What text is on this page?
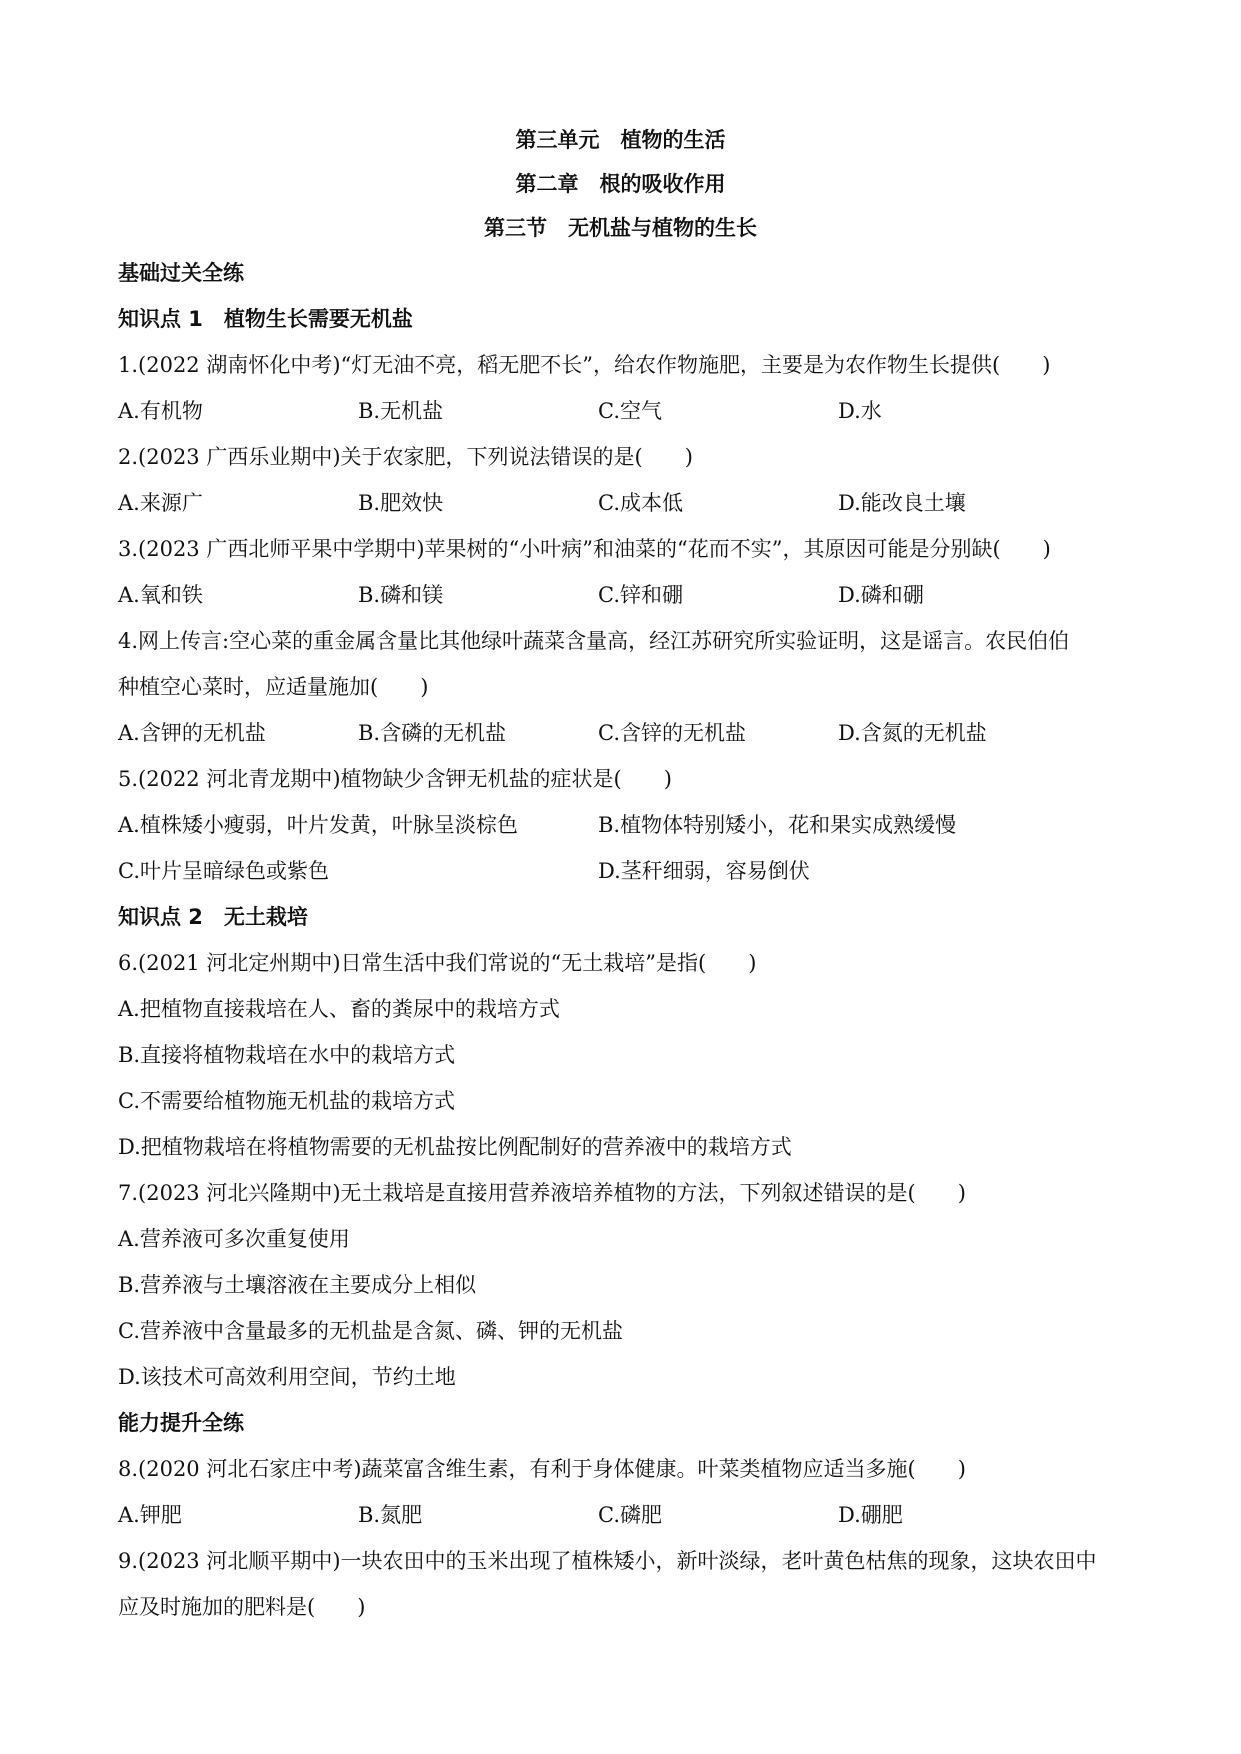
第三单元　植物的生活
第二章　根的吸收作用
第三节　无机盐与植物的生长
基础过关全练
知识点 1　植物生长需要无机盐
1.(2022 湖南怀化中考)“灯无油不亮，稻无肥不长”，给农作物施肥，主要是为农作物生长提供(　　)
A.有机物	B.无机盐	C.空气	D.水
2.(2023 广西乐业期中)关于农家肥，下列说法错误的是(　　)
A.来源广	B.肥效快	C.成本低	D.能改良土壤
3.(2023 广西北师平果中学期中)苹果树的“小叶病”和油菜的“花而不实”，其原因可能是分别缺(　　)
A.氧和铁	B.磷和镁	C.锌和硼	D.磷和硼
4.网上传言:空心菜的重金属含量比其他绿叶蔬菜含量高，经江苏研究所实验证明，这是谣言。农民伯伯
种植空心菜时，应适量施加(　　)
A.含钾的无机盐	B.含磷的无机盐	C.含锌的无机盐	D.含氮的无机盐
5.(2022 河北青龙期中)植物缺少含钾无机盐的症状是(　　)
A.植株矮小瘦弱，叶片发黄，叶脉呈淡棕色	B.植物体特别矮小，花和果实成熟缓慢
C.叶片呈暗绿色或紫色	D.茎秆细弱，容易倒伏
知识点 2　无土栽培
6.(2021 河北定州期中)日常生活中我们常说的“无土栽培”是指(　　)
A.把植物直接栽培在人、畜的粪尿中的栽培方式
B.直接将植物栽培在水中的栽培方式
C.不需要给植物施无机盐的栽培方式
D.把植物栽培在将植物需要的无机盐按比例配制好的营养液中的栽培方式
7.(2023 河北兴隆期中)无土栽培是直接用营养液培养植物的方法，下列叙述错误的是(　　)
A.营养液可多次重复使用
B.营养液与土壤溶液在主要成分上相似
C.营养液中含量最多的无机盐是含氮、磷、钾的无机盐
D.该技术可高效利用空间，节约土地
能力提升全练
8.(2020 河北石家庄中考)蔬菜富含维生素，有利于身体健康。叶菜类植物应适当多施(　　)
A.钾肥	B.氮肥	C.磷肥	D.硼肥
9.(2023 河北顺平期中)一块农田中的玉米出现了植株矮小，新叶淡绿，老叶黄色枯焦的现象，这块农田中
应及时施加的肥料是(　　)
